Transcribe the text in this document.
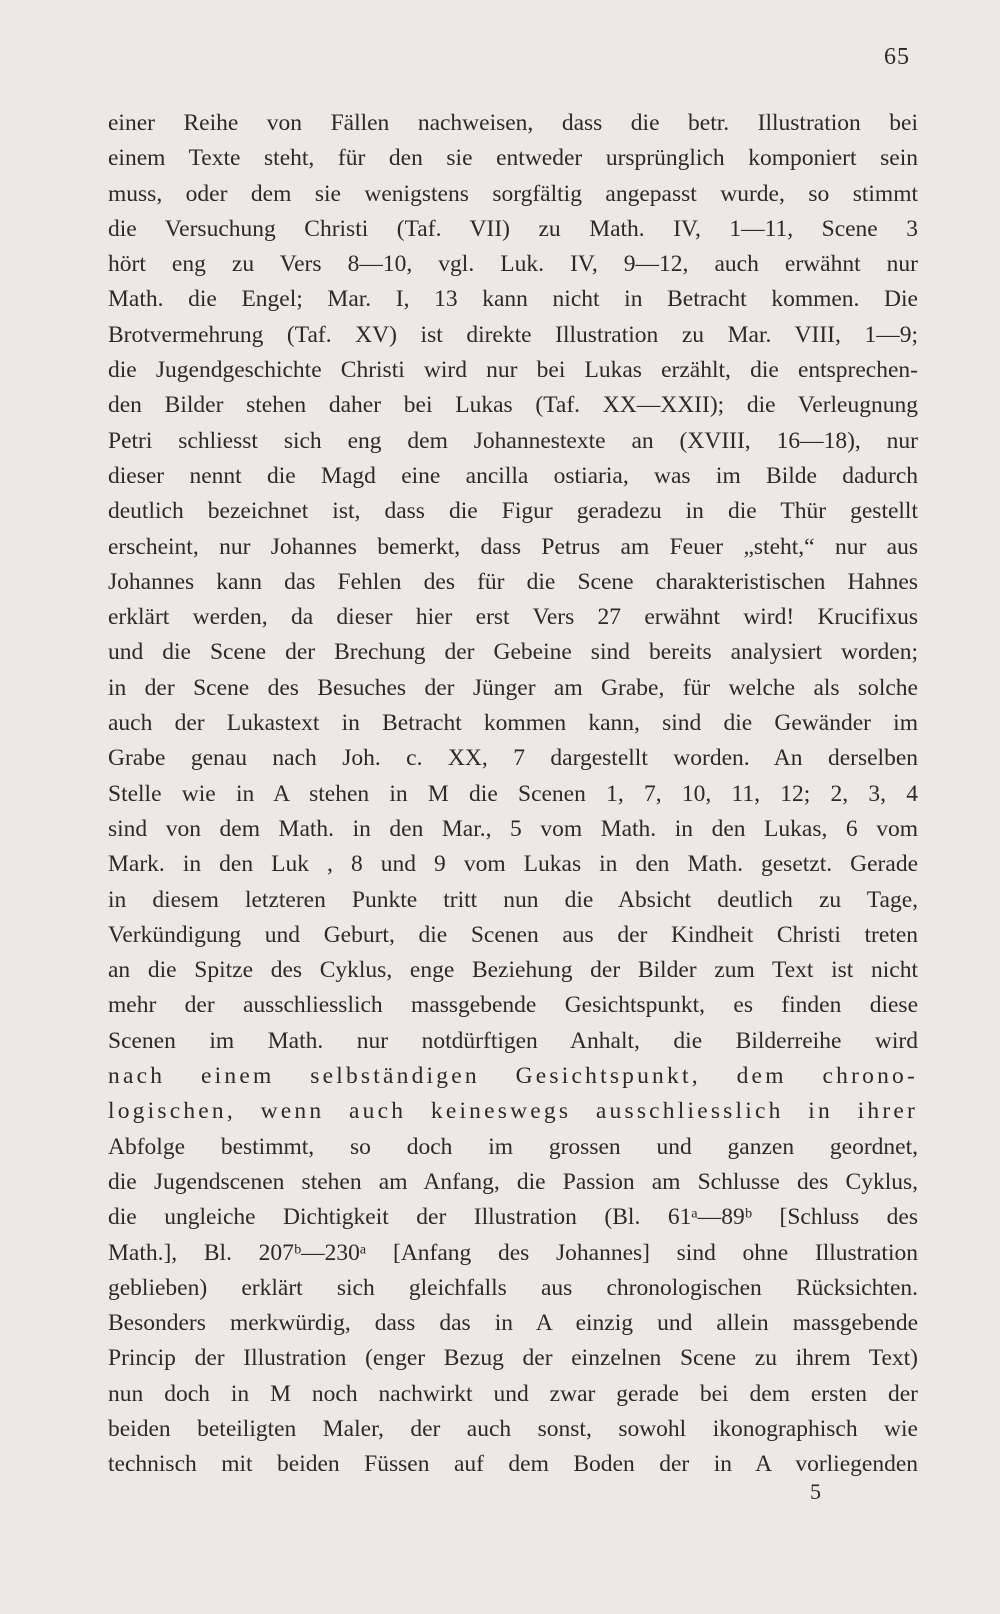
65
einer Reihe von Fällen nachweisen, dass die betr. Illustration bei
einem Texte steht, für den sie entweder ursprünglich komponiert sein
muss, oder dem sie wenigstens sorgfältig angepasst wurde, so stimmt
die Versuchung Christi (Taf. VII) zu Math. IV, 1—11, Scene 3
hört eng zu Vers 8—10, vgl. Luk. IV, 9—12, auch erwähnt nur
Math. die Engel; Mar. I, 13 kann nicht in Betracht kommen. Die
Brotvermehrung (Taf. XV) ist direkte Illustration zu Mar. VIII, 1—9;
die Jugendgeschichte Christi wird nur bei Lukas erzählt, die entsprechen-
den Bilder stehen daher bei Lukas (Taf. XX—XXII); die Verleugnung
Petri schliesst sich eng dem Johannestexte an (XVIII, 16—18), nur
dieser nennt die Magd eine ancilla ostiaria, was im Bilde dadurch
deutlich bezeichnet ist, dass die Figur geradezu in die Thür gestellt
erscheint, nur Johannes bemerkt, dass Petrus am Feuer „steht,“ nur aus
Johannes kann das Fehlen des für die Scene charakteristischen Hahnes
erklärt werden, da dieser hier erst Vers 27 erwähnt wird! Krucifixus
und die Scene der Brechung der Gebeine sind bereits analysiert worden;
in der Scene des Besuches der Jünger am Grabe, für welche als solche
auch der Lukastext in Betracht kommen kann, sind die Gewänder im
Grabe genau nach Joh. c. XX, 7 dargestellt worden. An derselben
Stelle wie in A stehen in M die Scenen 1, 7, 10, 11, 12; 2, 3, 4
sind von dem Math. in den Mar., 5 vom Math. in den Lukas, 6 vom
Mark. in den Luk , 8 und 9 vom Lukas in den Math. gesetzt. Gerade
in diesem letzteren Punkte tritt nun die Absicht deutlich zu Tage,
Verkündigung und Geburt, die Scenen aus der Kindheit Christi treten
an die Spitze des Cyklus, enge Beziehung der Bilder zum Text ist nicht
mehr der ausschliesslich massgebende Gesichtspunkt, es finden diese
Scenen im Math. nur notdürftigen Anhalt, die Bilderreihe wird
nach einem selbständigen Gesichtspunkt, dem chrono-
logischen, wenn auch keineswegs ausschliesslich in ihrer
Abfolge bestimmt, so doch im grossen und ganzen geordnet,
die Jugendscenen stehen am Anfang, die Passion am Schlusse des Cyklus,
die ungleiche Dichtigkeit der Illustration (Bl. 61ᵃ—89ᵇ [Schluss des
Math.], Bl. 207ᵇ—230ᵃ [Anfang des Johannes] sind ohne Illustration
geblieben) erklärt sich gleichfalls aus chronologischen Rücksichten.
Besonders merkwürdig, dass das in A einzig und allein massgebende
Princip der Illustration (enger Bezug der einzelnen Scene zu ihrem Text)
nun doch in M noch nachwirkt und zwar gerade bei dem ersten der
beiden beteiligten Maler, der auch sonst, sowohl ikonographisch wie
technisch mit beiden Füssen auf dem Boden der in A vorliegenden
5
